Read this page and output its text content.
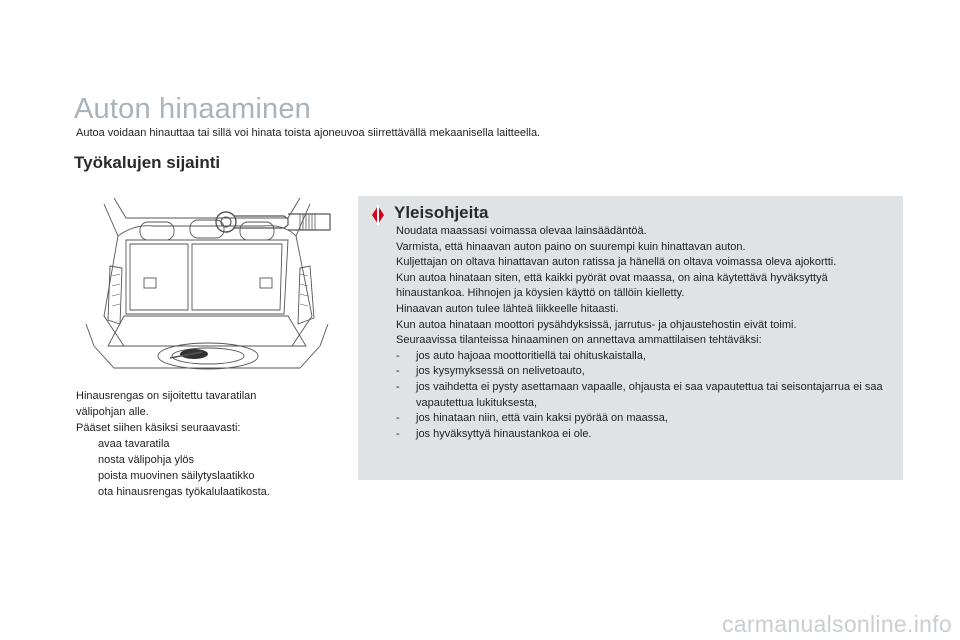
Auton hinaaminen
Autoa voidaan hinauttaa tai sillä voi hinata toista ajoneuvoa siirrettävällä mekaanisella laitteella.
Työkalujen sijainti

Hinausrengas on sijoitettu tavaratilan

välipohjan alle.

Pääset siihen käsiksi seuraavasti:

avaa tavaratila
nosta välipohja ylös
poista muovinen säilytyslaatikko
ota hinausrengas työkalulaatikosta.
Yleisohjeita

Noudata maassasi voimassa olevaa lainsäädäntöä.

Varmista, että hinaavan auton paino on suurempi kuin hinattavan auton.

Kuljettajan on oltava hinattavan auton ratissa ja hänellä on oltava voimassa oleva ajokortti.

Kun autoa hinataan siten, että kaikki pyörät ovat maassa, on aina käytettävä hyväksyttyä

hinaustankoa. Hihnojen ja köysien käyttö on tällöin kielletty.

Hinaavan auton tulee lähteä liikkeelle hitaasti.

Kun autoa hinataan moottori pysähdyksissä, jarrutus- ja ohjaustehostin eivät toimi.

Seuraavissa tilanteissa hinaaminen on annettava ammattilaisen tehtäväksi:

- jos auto hajoaa moottoritiellä tai ohituskaistalla,
- jos kysymyksessä on nelivetoauto,
- jos vaihdetta ei pysty asettamaan vapaalle, ohjausta ei saa vapautettua tai seisontajarrua ei saa vapautettua lukituksesta,
- jos hinataan niin, että vain kaksi pyörää on maassa,
- jos hyväksyttyä hinaustankoa ei ole.
carmanualsonline.info
